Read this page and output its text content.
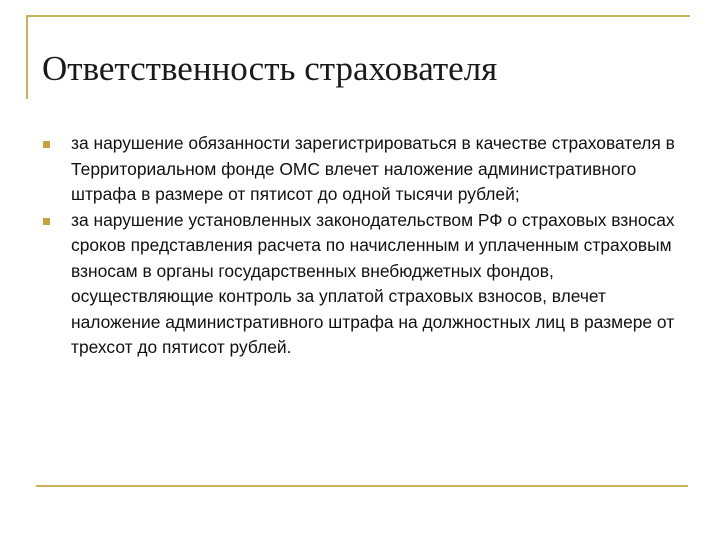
Ответственность страхователя
за нарушение обязанности зарегистрироваться в качестве страхователя в Территориальном фонде ОМС влечет наложение административного штрафа в размере от пятисот до одной тысячи рублей;
за нарушение установленных законодательством РФ о страховых взносах сроков представления расчета по начисленным и уплаченным страховым взносам в органы государственных внебюджетных фондов, осуществляющие контроль за уплатой страховых взносов, влечет наложение административного штрафа на должностных лиц в размере от трехсот до пятисот рублей.
